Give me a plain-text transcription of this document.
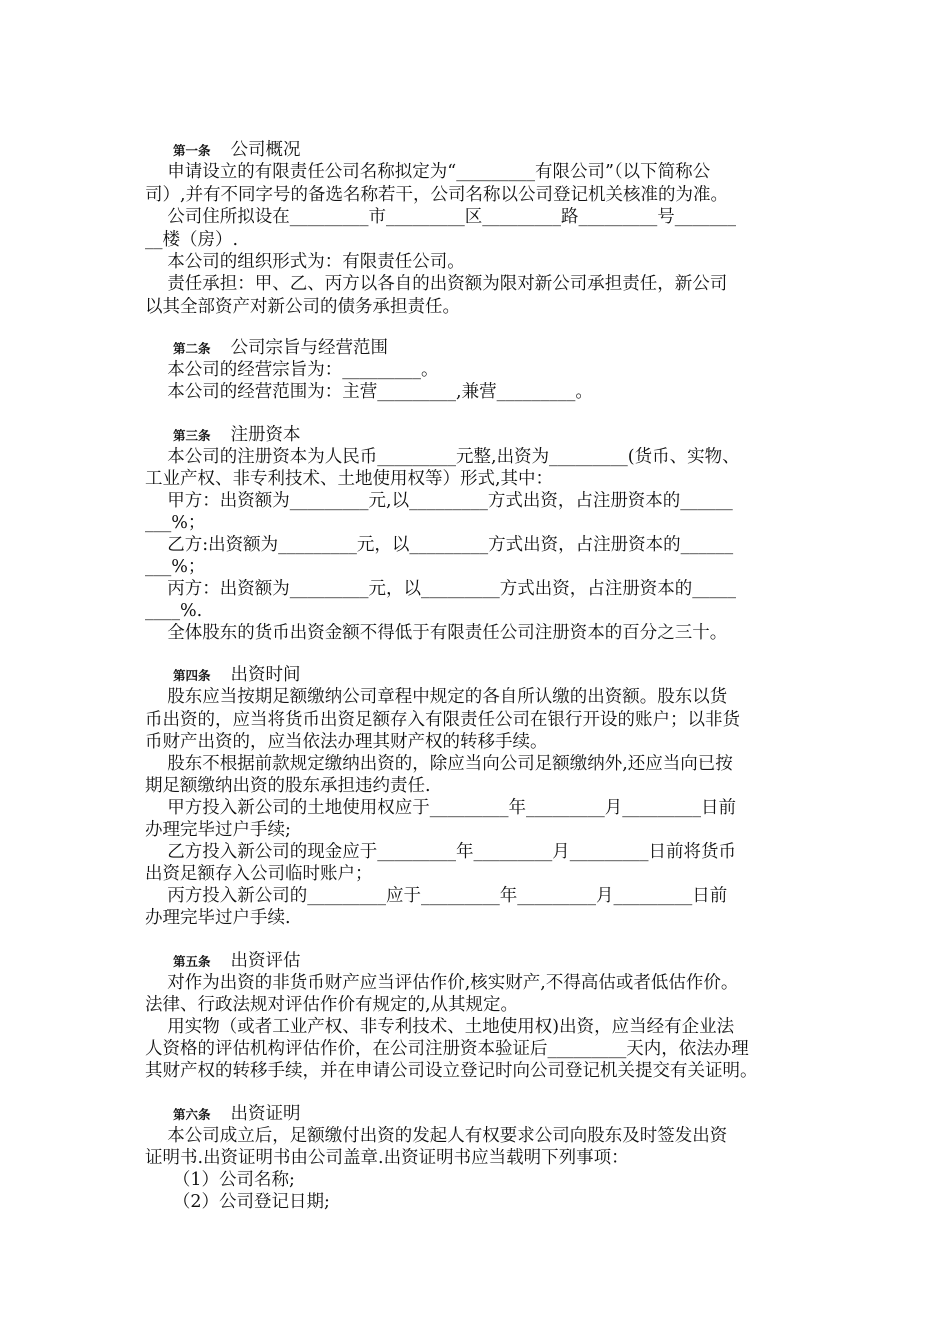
第一条 公司概况

申请设立的有限责任公司名称拟定为“_________有限公司”（以下简称公

司）,并有不同字号的备选名称若干，公司名称以公司登记机关核准的为准。

公司住所拟设在_________市_________区_________路_________号_______

__楼（房）.

本公司的组织形式为：有限责任公司。

责任承担：甲、乙、丙方以各自的出资额为限对新公司承担责任，新公司

以其全部资产对新公司的债务承担责任。

第二条 公司宗旨与经营范围

本公司的经营宗旨为：_________。

本公司的经营范围为：主营_________,兼营_________。

第三条 注册资本

本公司的注册资本为人民币_________元整,出资为_________(货币、实物、

工业产权、非专利技术、土地使用权等）形式,其中：

甲方：出资额为_________元,以_________方式出资，占注册资本的______

___%；

乙方:出资额为_________元，以_________方式出资，占注册资本的______

___%；

丙方：出资额为_________元，以_________方式出资，占注册资本的_____

____%.

全体股东的货币出资金额不得低于有限责任公司注册资本的百分之三十。

第四条 出资时间

股东应当按期足额缴纳公司章程中规定的各自所认缴的出资额。股东以货

币出资的，应当将货币出资足额存入有限责任公司在银行开设的账户；以非货

币财产出资的，应当依法办理其财产权的转移手续。

股东不根据前款规定缴纳出资的，除应当向公司足额缴纳外,还应当向已按

期足额缴纳出资的股东承担违约责任.

甲方投入新公司的土地使用权应于_________年_________月_________日前

办理完毕过户手续;

乙方投入新公司的现金应于_________年_________月_________日前将货币

出资足额存入公司临时账户；

丙方投入新公司的_________应于_________年_________月_________日前

办理完毕过户手续.

第五条 出资评估

对作为出资的非货币财产应当评估作价,核实财产,不得高估或者低估作价。

法律、行政法规对评估作价有规定的,从其规定。

用实物（或者工业产权、非专利技术、土地使用权)出资，应当经有企业法

人资格的评估机构评估作价，在公司注册资本验证后_________天内，依法办理

其财产权的转移手续，并在申请公司设立登记时向公司登记机关提交有关证明。

第六条 出资证明

本公司成立后，足额缴付出资的发起人有权要求公司向股东及时签发出资

证明书.出资证明书由公司盖章.出资证明书应当载明下列事项：

（1）公司名称;

（2）公司登记日期;
